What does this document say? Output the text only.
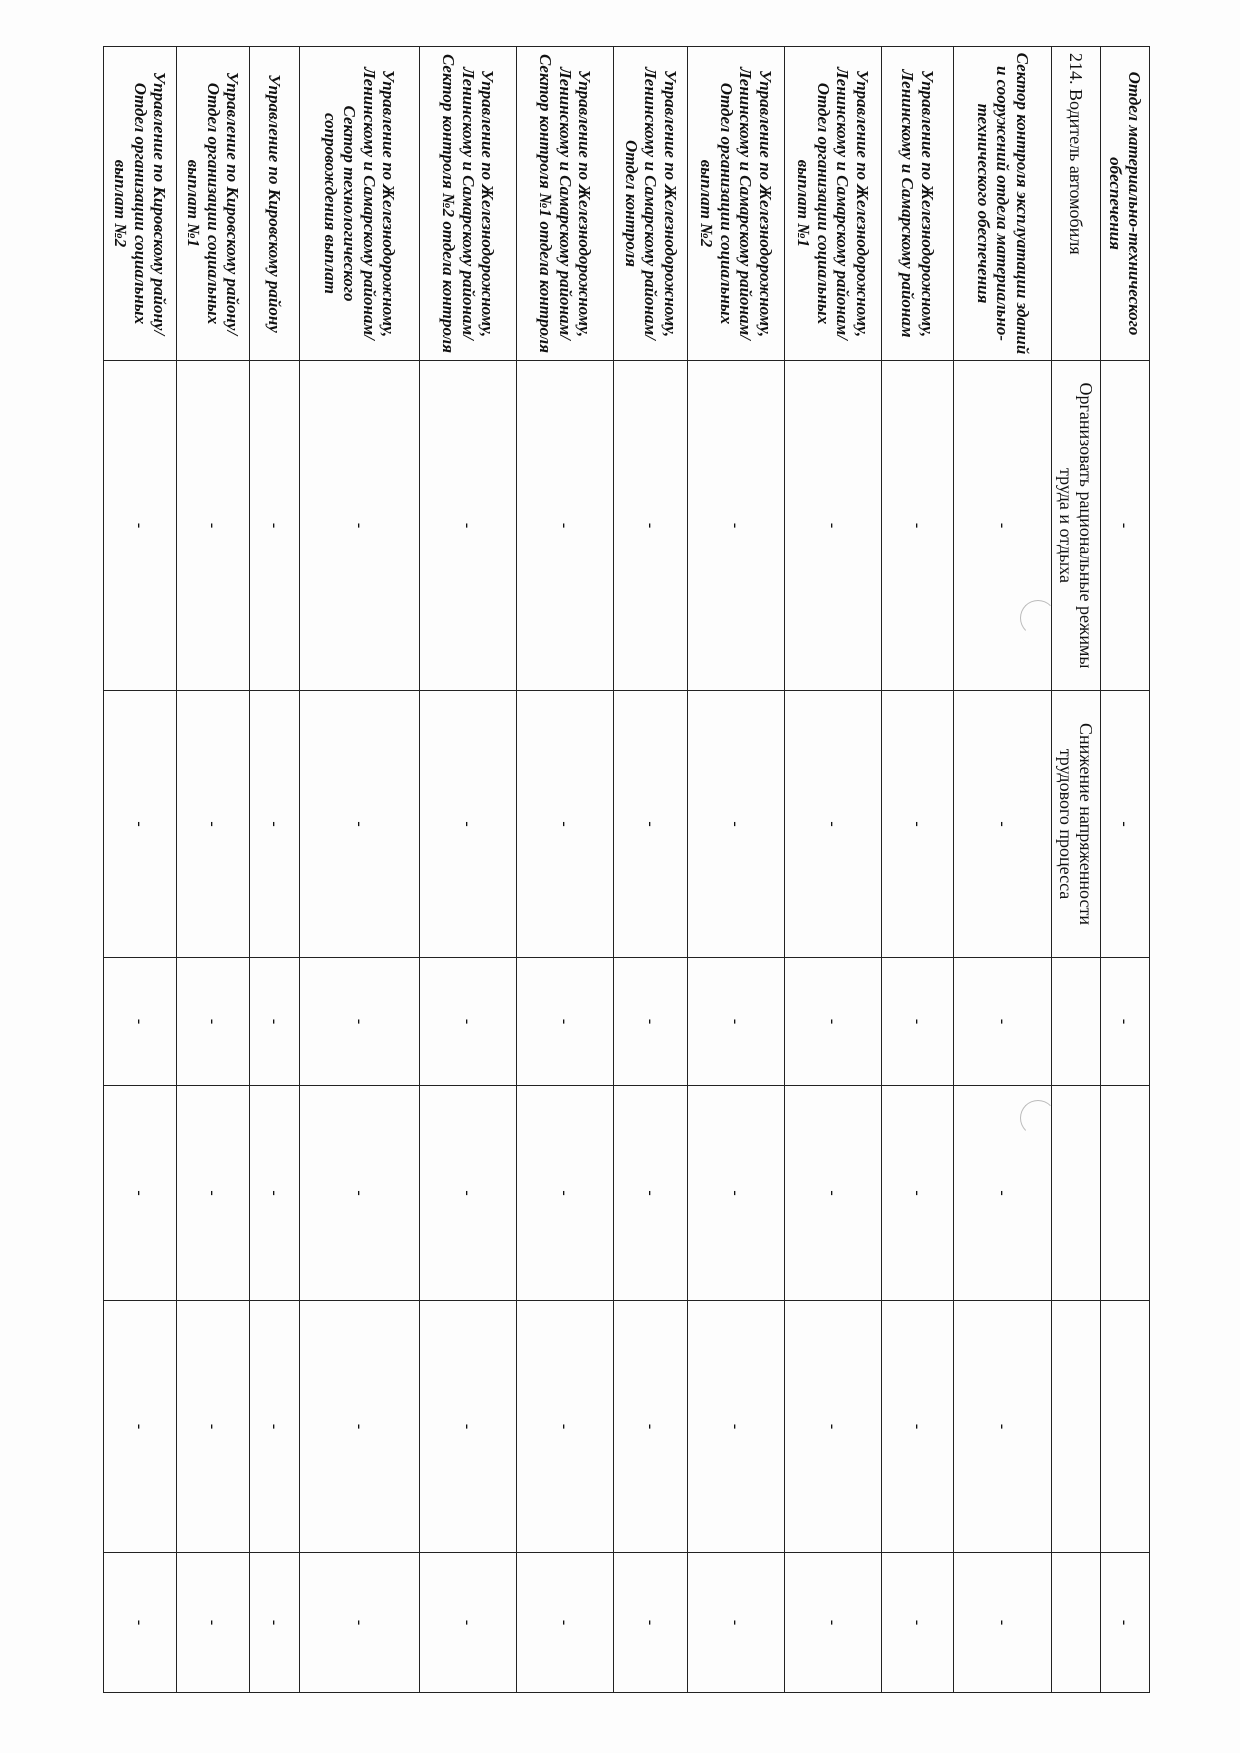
Отдел материально-технического обеспечения	-	-	-			-
214. Водитель автомобиля	Организовать рациональные режимы труда и отдыха	Снижение напряженности трудового процесса				
Сектор контроля эксплуатации зданий и сооружений отдела материально-технического обеспечения	-	-	-	-	-	-
Управление по Железнодорожному, Ленинскому и Самарскому районам	-	-	-	-	-	-
Управление по Железнодорожному, Ленинскому и Самарскому районам/ Отдел организации социальных выплат №1	-	-	-	-	-	-
Управление по Железнодорожному, Ленинскому и Самарскому районам/ Отдел организации социальных выплат №2	-	-	-	-	-	-
Управление по Железнодорожному, Ленинскому и Самарскому районам/ Отдел контроля	-	-	-	-	-	-
Управление по Железнодорожному, Ленинскому и Самарскому районам/ Сектор контроля №1 отдела контроля	-	-	-	-	-	-
Управление по Железнодорожному, Ленинскому и Самарскому районам/ Сектор контроля №2 отдела контроля	-	-	-	-	-	-
Управление по Железнодорожному, Ленинскому и Самарскому районам/ Сектор технологического сопровождения выплат	-	-	-	-	-	-
Управление по Кировскому району	-	-	-	-	-	-
Управление по Кировскому району/ Отдел организации социальных выплат №1	-	-	-	-	-	-
Управление по Кировскому району/ Отдел организации социальных выплат №2	-	-	-	-	-	-
